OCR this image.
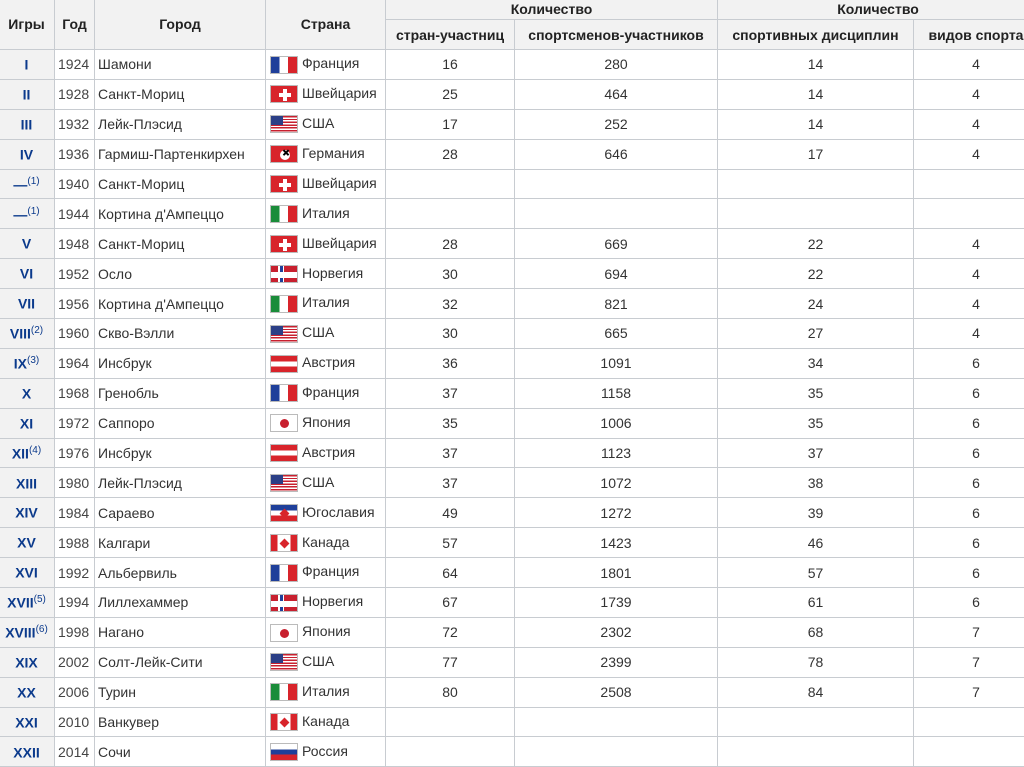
Игры	Год	Город	Страна	Количество		Количество	
				стран-участниц	спортсменов-участников	спортивных дисциплин	видов спорта
I	1924	Шамони	Франция	16	280	14	4
II	1928	Санкт-Мориц	Швейцария	25	464	14	4
III	1932	Лейк-Плэсид	США	17	252	14	4
IV	1936	Гармиш-Партенкирхен	✚Германия	28	646	17	4
—$^{(1)}$	1940	Санкт-Мориц	Швейцария				
—$^{(1)}$	1944	Кортина д'Ампеццо	Италия				
V	1948	Санкт-Мориц	Швейцария	28	669	22	4
VI	1952	Осло	Норвегия	30	694	22	4
VII	1956	Кортина д'Ампеццо	Италия	32	821	24	4
VIII$^{(2)}$	1960	Скво-Вэлли	США	30	665	27	4
IX$^{(3)}$	1964	Инсбрук	Австрия	36	1091	34	6
X	1968	Гренобль	Франция	37	1158	35	6
XI	1972	Саппоро	Япония	35	1006	35	6
XII$^{(4)}$	1976	Инсбрук	Австрия	37	1123	37	6
XIII	1980	Лейк-Плэсид	США	37	1072	38	6
XIV	1984	Сараево	Югославия	49	1272	39	6
XV	1988	Калгари	Канада	57	1423	46	6
XVI	1992	Альбервиль	Франция	64	1801	57	6
XVII$^{(5)}$	1994	Лиллехаммер	Норвегия	67	1739	61	6
XVIII$^{(6)}$	1998	Нагано	Япония	72	2302	68	7
XIX	2002	Солт-Лейк-Сити	США	77	2399	78	7
XX	2006	Турин	Италия	80	2508	84	7
XXI	2010	Ванкувер	Канада				
XXII	2014	Сочи	Россия				
